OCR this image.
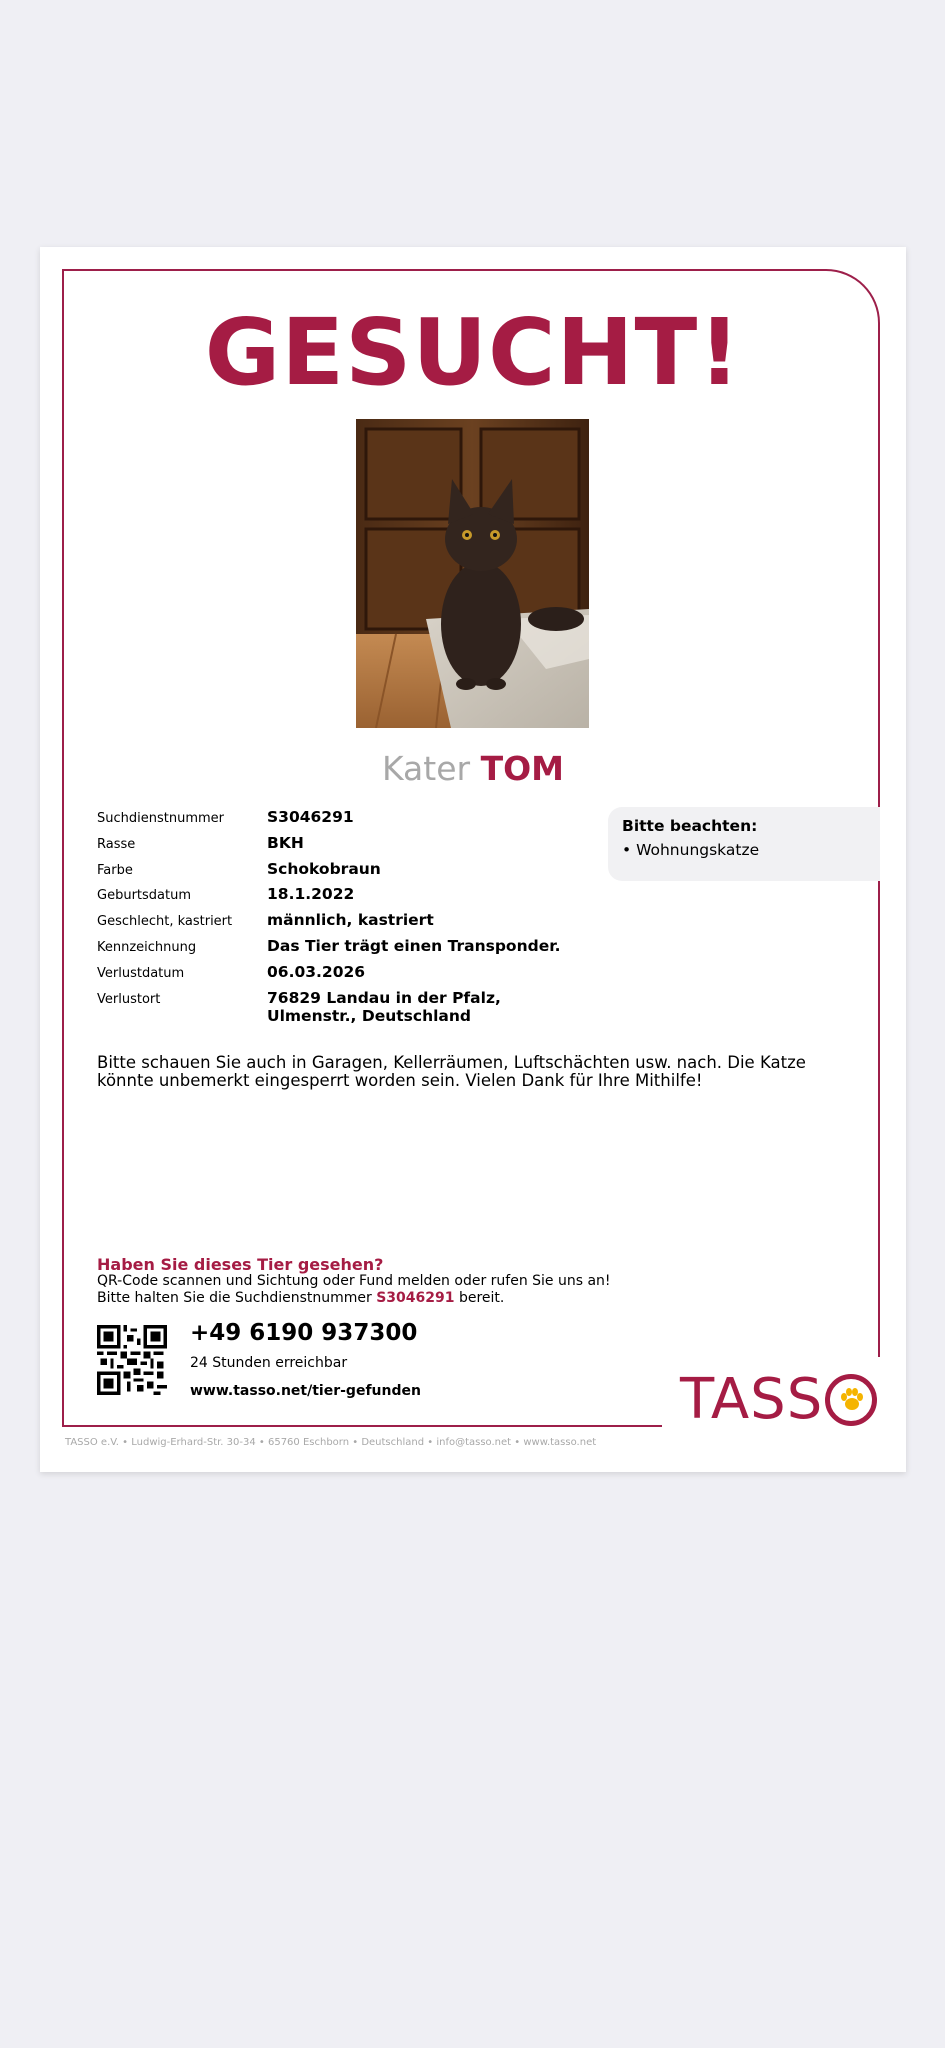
GESUCHT!

Kater TOM

Suchdienstnummer	S3046291
Rasse	BKH
Farbe	Schokobraun
Geburtsdatum	18.1.2022
Geschlecht, kastriert	männlich, kastriert
Kennzeichnung	Das Tier trägt einen Transponder.
Verlustdatum	06.03.2026
Verlustort	76829 Landau in der Pfalz, Ulmenstr., Deutschland
Bitte beachten:
• Wohnungskatze

Bitte schauen Sie auch in Garagen, Kellerräumen, Luftschächten usw. nach. Die Katze könnte unbemerkt eingesperrt worden sein. Vielen Dank für Ihre Mithilfe!

Haben Sie dieses Tier gesehen?

QR-Code scannen und Sichtung oder Fund melden oder rufen Sie uns an!
Bitte halten Sie die Suchdienstnummer S3046291 bereit.

+49 6190 937300

24 Stunden erreichbar

www.tasso.net/tier-gefunden	TASS

TASSO e.V. • Ludwig-Erhard-Str. 30-34 • 65760 Eschborn • Deutschland • info@tasso.net • www.tasso.net
